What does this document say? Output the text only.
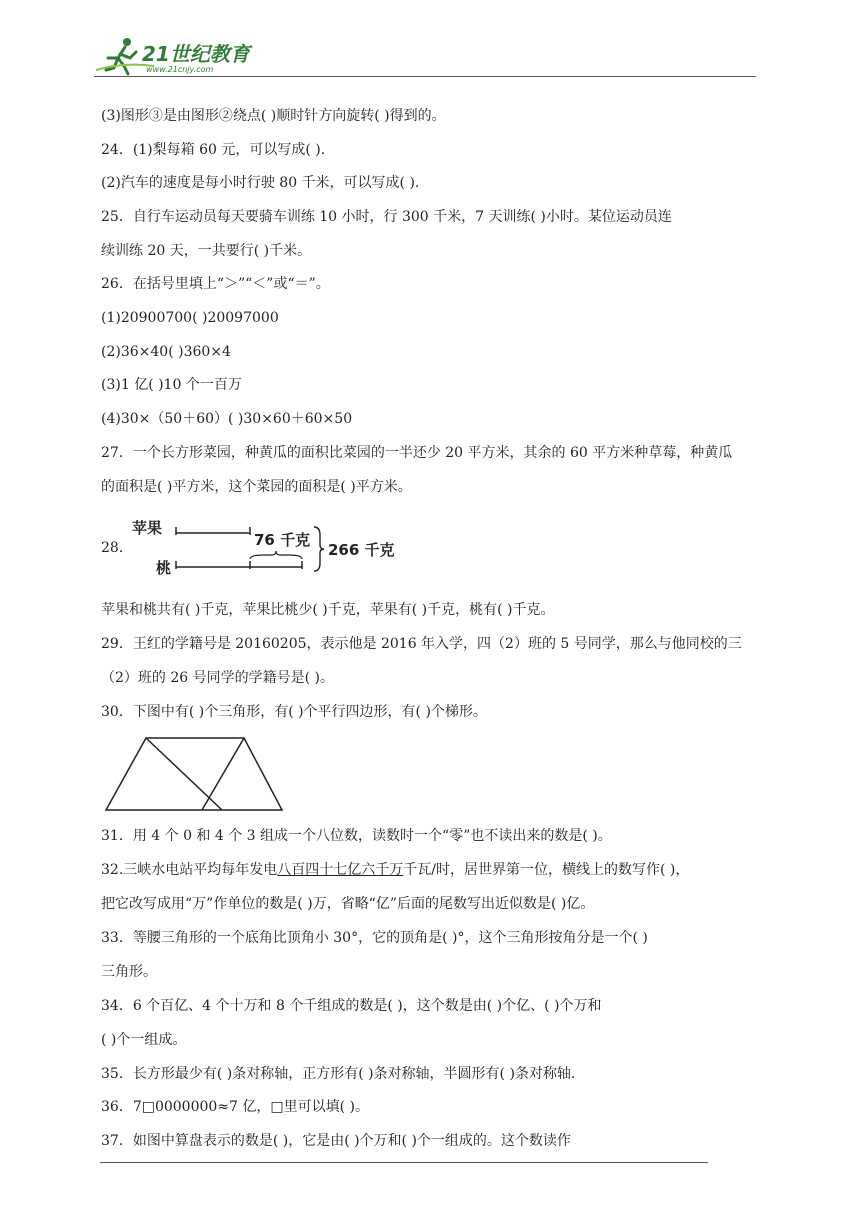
21世纪教育
www.21cnjy.com
(3)图形③是由图形②绕点( )顺时针方向旋转( )得到的。
24．(1)梨每箱 60 元，可以写成( ).
(2)汽车的速度是每小时行驶 80 千米，可以写成( ).
25．自行车运动员每天要骑车训练 10 小时，行 300 千米，7 天训练( )小时。某位运动员连
续训练 20 天，一共要行( )千米。
26．在括号里填上“＞”“＜”或“＝”。
(1)20900700( )20097000
(2)36×40( )360×4
(3)1 亿( )10 个一百万
(4)30×（50＋60）( )30×60＋60×50
27．一个长方形菜园，种黄瓜的面积比菜园的一半还少 20 平方米，其余的 60 平方米种草莓，种黄瓜
的面积是( )平方米，这个菜园的面积是( )平方米。
28．
苹果
桃
76 千克
266 千克
苹果和桃共有( )千克，苹果比桃少( )千克，苹果有( )千克，桃有( )千克。
29．王红的学籍号是 20160205，表示他是 2016 年入学，四（2）班的 5 号同学，那么与他同校的三
（2）班的 26 号同学的学籍号是( )。
30．下图中有( )个三角形，有( )个平行四边形，有( )个梯形。
31．用 4 个 0 和 4 个 3 组成一个八位数，读数时一个“零”也不读出来的数是( )。
32.三峡水电站平均每年发电八百四十七亿六千万千瓦/时，居世界第一位，横线上的数写作( )，
把它改写成用“万”作单位的数是( )万，省略“亿”后面的尾数写出近似数是( )亿。
33．等腰三角形的一个底角比顶角小 30°，它的顶角是( )°，这个三角形按角分是一个( )
三角形。
34．6 个百亿、4 个十万和 8 个千组成的数是( )，这个数是由( )个亿、( )个万和
( )个一组成。
35．长方形最少有( )条对称轴，正方形有( )条对称轴，半圆形有( )条对称轴.
36．7□0000000≈7 亿，□里可以填( )。
37．如图中算盘表示的数是( )，它是由( )个万和( )个一组成的。这个数读作
